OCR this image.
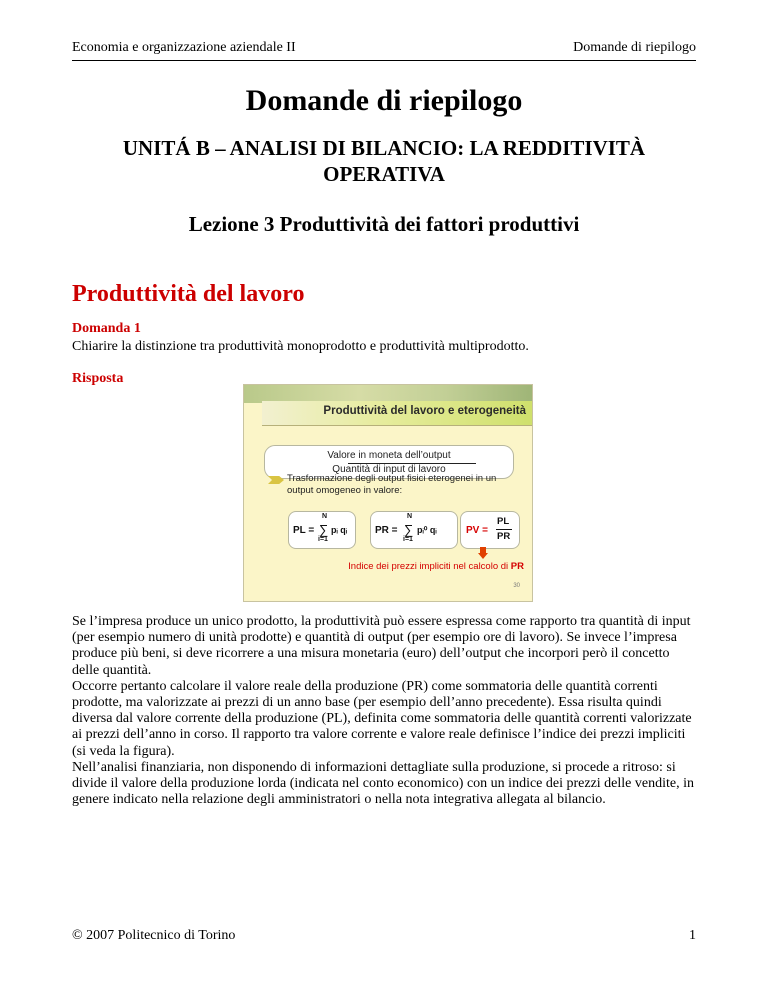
Economia e organizzazione aziendale II	Domande di riepilogo
Domande di riepilogo
UNITÁ B – ANALISI DI BILANCIO: LA REDDITIVITÀ OPERATIVA
Lezione 3 Produttività dei fattori produttivi
Produttività del lavoro
Domanda 1
Chiarire la distinzione tra produttività monoprodotto e produttività multiprodotto.
Risposta
Produttività del lavoro e eterogeneità
Valore in moneta dell’output
Quantità di input di lavoro
Trasformazione degli output fisici eterogenei in un output omogeneo in valore:
PL =
N
∑
i=1
pᵢ qᵢ	PR =
N
∑
i=1
pᵢ⁰ qᵢ	PV =
PL
PR
Indice dei prezzi impliciti nel calcolo di PR
30

Se l’impresa produce un unico prodotto, la produttività può essere espressa come rapporto tra quantità di input (per esempio numero di unità prodotte) e quantità di output (per esempio ore di lavoro). Se invece l’impresa produce più beni, si deve ricorrere a una misura monetaria (euro) dell’output che incorpori però il concetto delle quantità.

Occorre pertanto calcolare il valore reale della produzione (PR) come sommatoria delle quantità correnti prodotte, ma valorizzate ai prezzi di un anno base (per esempio dell’anno precedente). Essa risulta quindi diversa dal valore corrente della produzione (PL), definita come sommatoria delle quantità correnti valorizzate ai prezzi dell’anno in corso. Il rapporto tra valore corrente e valore reale definisce l’indice dei prezzi impliciti (si veda la figura).

Nell’analisi finanziaria, non disponendo di informazioni dettagliate sulla produzione, si procede a ritroso: si divide il valore della produzione lorda (indicata nel conto economico) con un indice dei prezzi delle vendite, in genere indicato nella relazione degli amministratori o nella nota integrativa allegata al bilancio.

© 2007 Politecnico di Torino	1
